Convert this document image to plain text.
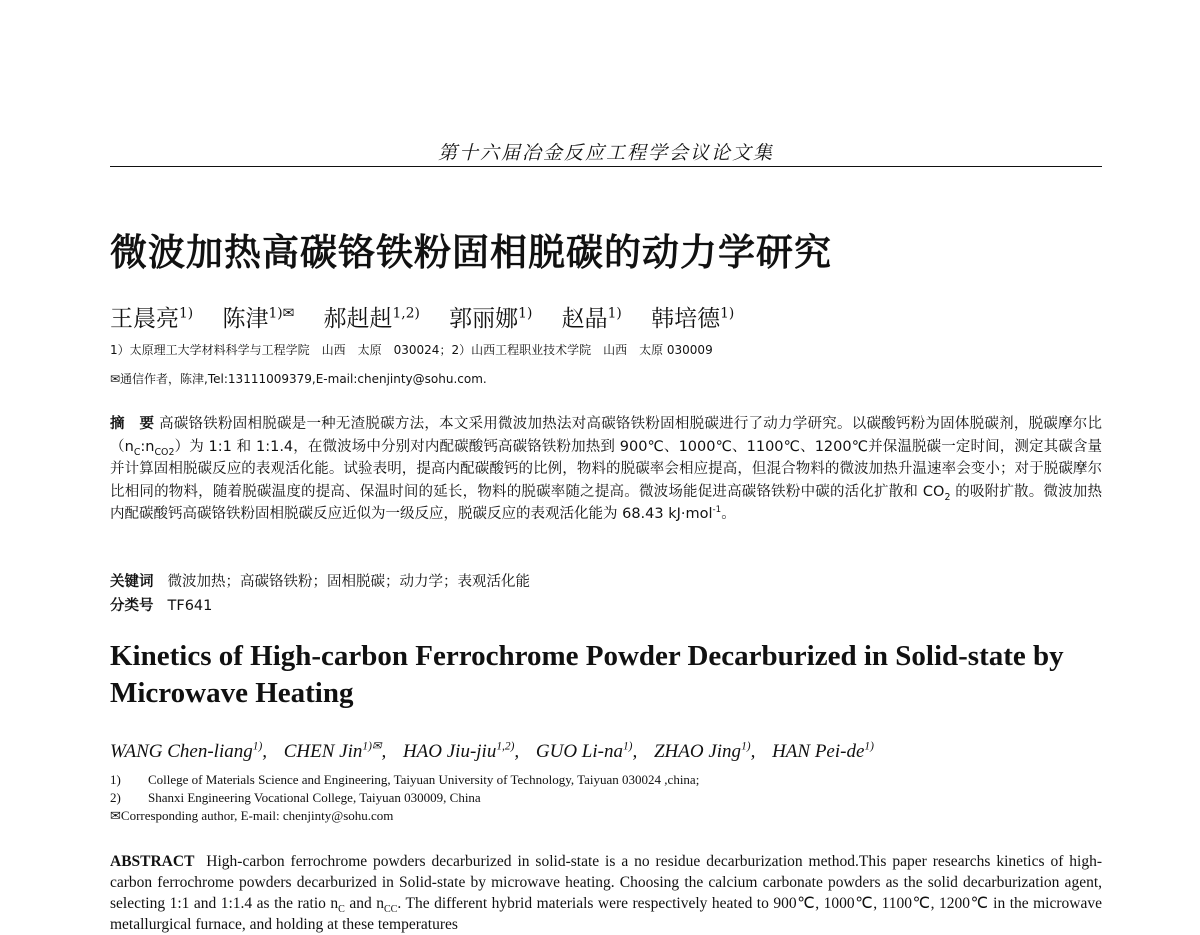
第十六届冶金反应工程学会议论文集
微波加热高碳铬铁粉固相脱碳的动力学研究
王晨亮$^{1)}$ 陈津$^{1)✉}$ 郝赳赳$^{1,2)}$ 郭丽娜$^{1)}$ 赵晶$^{1)}$ 韩培德$^{1)}$
1）太原理工大学材料科学与工程学院　山西　太原　030024；2）山西工程职业技术学院　山西　太原 030009
✉通信作者，陈津,Tel:13111009379,E-mail:chenjinty@sohu.com.
摘　要 高碳铬铁粉固相脱碳是一种无渣脱碳方法，本文采用微波加热法对高碳铬铁粉固相脱碳进行了动力学研究。以碳酸钙粉为固体脱碳剂，脱碳摩尔比$(n_C:n_{CO2})$为 1:1 和 1:1.4，在微波场中分别对内配碳酸钙高碳铬铁粉加热到 900℃、1000℃、1100℃、1200℃并保温脱碳一定时间，测定其碳含量并计算固相脱碳反应的表观活化能。试验表明，提高内配碳酸钙的比例，物料的脱碳率会相应提高，但混合物料的微波加热升温速率会变小；对于脱碳摩尔比相同的物料，随着脱碳温度的提高、保温时间的延长，物料的脱碳率随之提高。微波场能促进高碳铬铁粉中碳的活化扩散和 $CO_2$ 的吸附扩散。微波加热内配碳酸钙高碳铬铁粉固相脱碳反应近似为一级反应，脱碳反应的表观活化能为 68.43 kJ·mol$^{-1}$。
关键词 微波加热；高碳铬铁粉；固相脱碳；动力学；表观活化能
分类号 TF641
Kinetics of High-carbon Ferrochrome Powder Decarburized in Solid-state by Microwave Heating
WANG Chen-liang$^{1)}$, CHEN Jin$^{1)✉}$, HAO Jiu-jiu$^{1,2)}$, GUO $Li-na^{1)}$, ZHAO Jing$^{1)}$, HAN Pei-$de^{1)}$
1) College of Materials Science and Engineering, Taiyuan University of Technology, Taiyuan 030024 ,china;
2) Shanxi Engineering Vocational College, Taiyuan 030009, China
✉Corresponding author, E-mail: chenjinty@sohu.com
ABSTRACT High-carbon ferrochrome powders decarburized in solid-state is a no residue decarburization method.This paper researchs kinetics of high-carbon ferrochrome powders decarburized in Solid-state by microwave heating. Choosing the calcium carbonate powders as the solid decarburization agent, selecting 1:1 and 1:1.4 as the ratio $n_C$ and $n_{CC}$. The different hybrid materials were respectively heated to 900℃, 1000℃, 1100℃, 1200℃ in the microwave metallurgical furnace, and holding at these temperatures
